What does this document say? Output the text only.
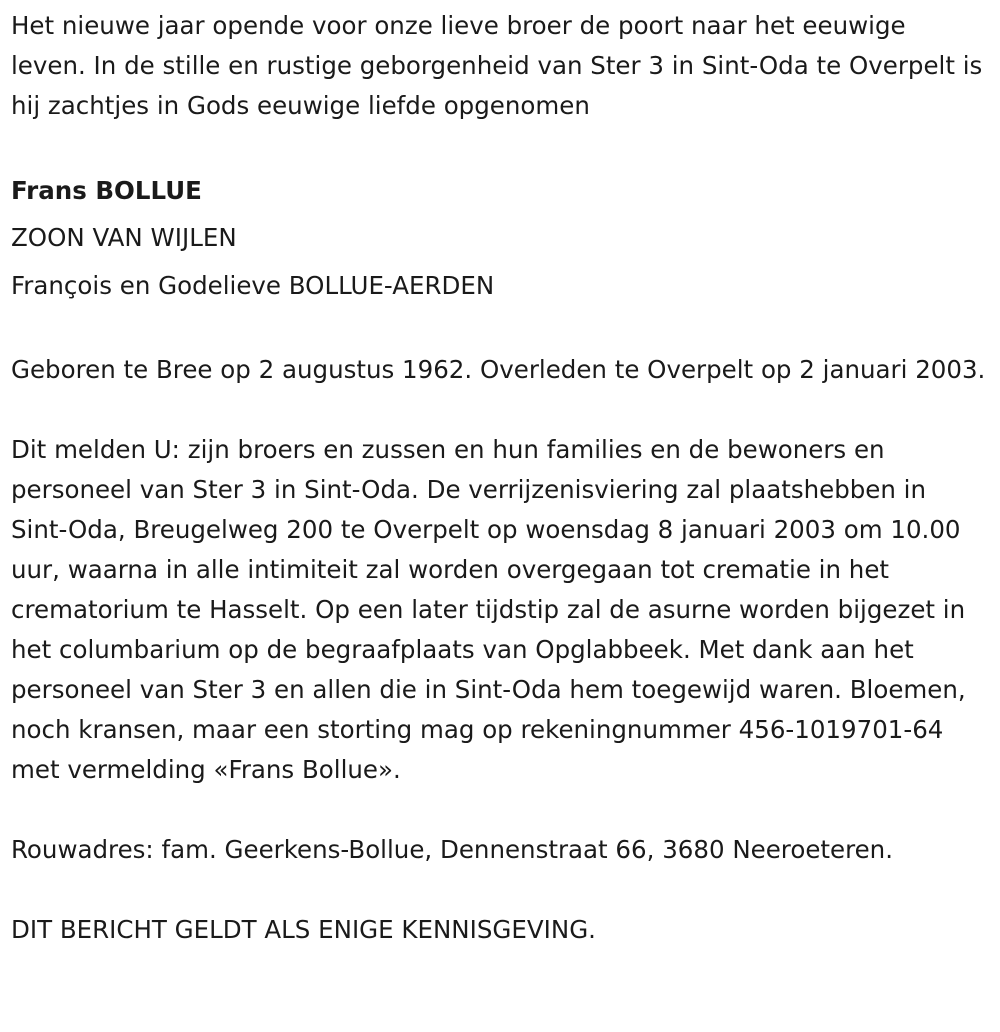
Het nieuwe jaar opende voor onze lieve broer de poort naar het eeuwige leven. In de stille en rustige geborgenheid van Ster 3 in Sint-Oda te Overpelt is hij zachtjes in Gods eeuwige liefde opgenomen

Frans BOLLUE

ZOON VAN WIJLEN

François en Godelieve BOLLUE-AERDEN

Geboren te Bree op 2 augustus 1962. Overleden te Overpelt op 2 januari 2003.

Dit melden U: zijn broers en zussen en hun families en de bewoners en personeel van Ster 3 in Sint-Oda. De verrijzenisviering zal plaatshebben in Sint-Oda, Breugelweg 200 te Overpelt op woensdag 8 januari 2003 om 10.00 uur, waarna in alle intimiteit zal worden overgegaan tot crematie in het crematorium te Hasselt. Op een later tijdstip zal de asurne worden bijgezet in het columbarium op de begraafplaats van Opglabbeek. Met dank aan het personeel van Ster 3 en allen die in Sint-Oda hem toegewijd waren. Bloemen, noch kransen, maar een storting mag op rekeningnummer 456-1019701-64 met vermelding «Frans Bollue».

Rouwadres: fam. Geerkens-Bollue, Dennenstraat 66, 3680 Neeroeteren.

DIT BERICHT GELDT ALS ENIGE KENNISGEVING.
